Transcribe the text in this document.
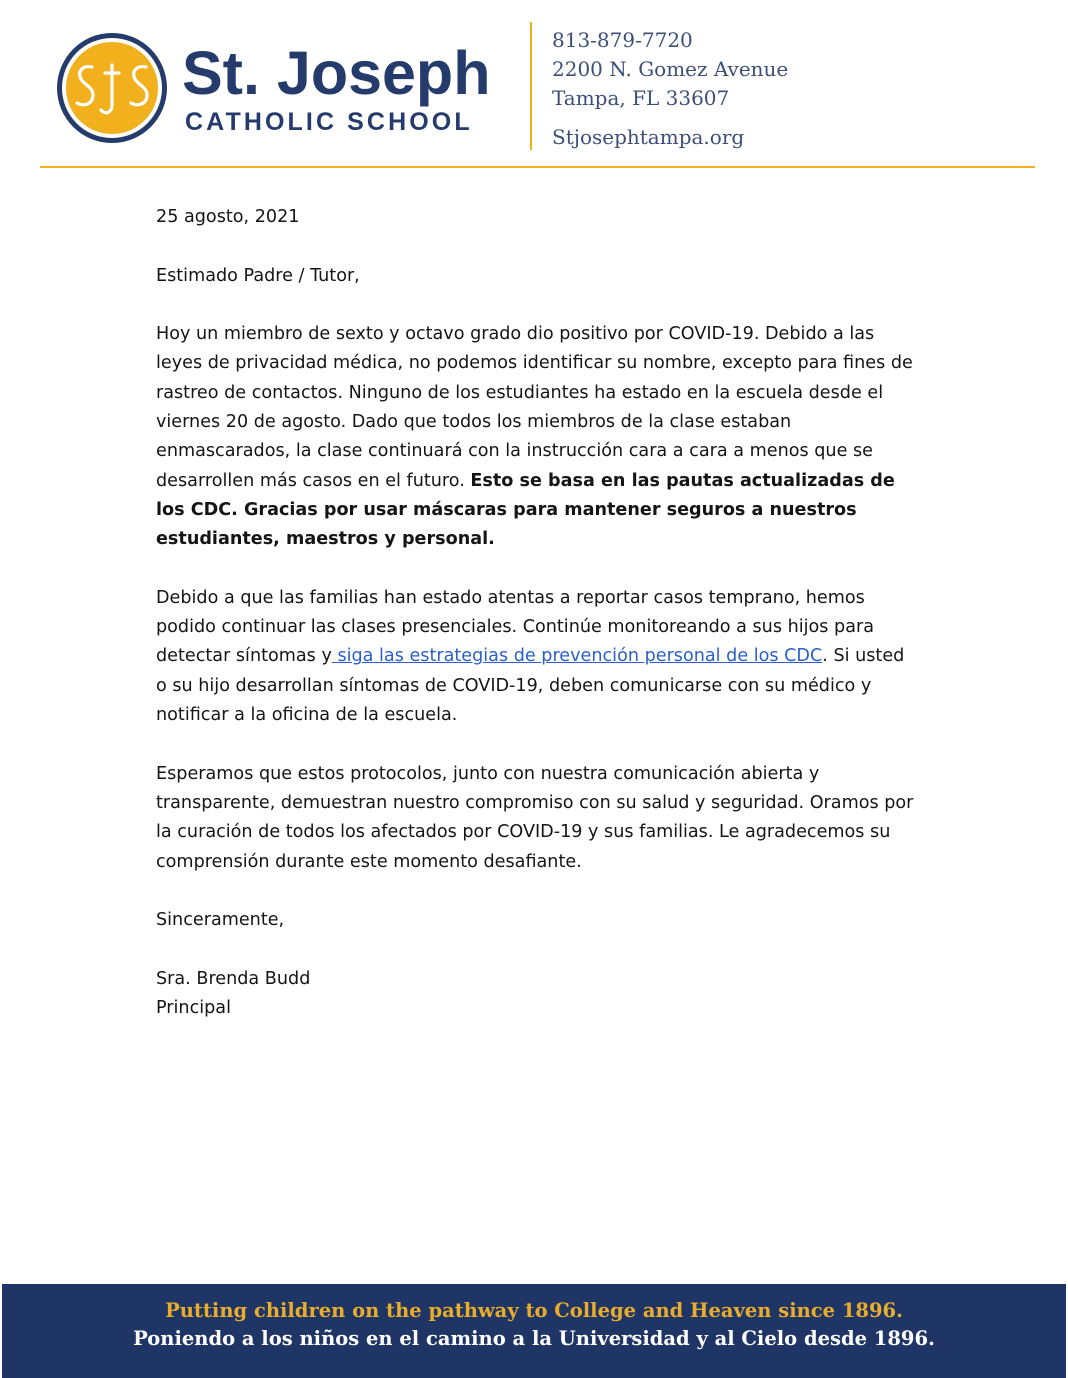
St. Joseph
CATHOLIC SCHOOL
813-879-7720
2200 N. Gomez Avenue
Tampa, FL 33607
Stjosephtampa.org

25 agosto, 2021

Estimado Padre / Tutor,

Hoy un miembro de sexto y octavo grado dio positivo por COVID-19. Debido a las leyes de privacidad médica, no podemos identificar su nombre, excepto para fines de rastreo de contactos. Ninguno de los estudiantes ha estado en la escuela desde el viernes 20 de agosto. Dado que todos los miembros de la clase estaban enmascarados, la clase continuará con la instrucción cara a cara a menos que se desarrollen más casos en el futuro. Esto se basa en las pautas actualizadas de los CDC. Gracias por usar máscaras para mantener seguros a nuestros estudiantes, maestros y personal.

Debido a que las familias han estado atentas a reportar casos temprano, hemos podido continuar las clases presenciales. Continúe monitoreando a sus hijos para detectar síntomas y siga las estrategias de prevención personal de los CDC. Si usted o su hijo desarrollan síntomas de COVID-19, deben comunicarse con su médico y notificar a la oficina de la escuela.

Esperamos que estos protocolos, junto con nuestra comunicación abierta y transparente, demuestran nuestro compromiso con su salud y seguridad. Oramos por la curación de todos los afectados por COVID-19 y sus familias. Le agradecemos su comprensión durante este momento desafiante.

Sinceramente,

Sra. Brenda Budd

Principal

Putting children on the pathway to College and Heaven since 1896.
Poniendo a los niños en el camino a la Universidad y al Cielo desde 1896.
